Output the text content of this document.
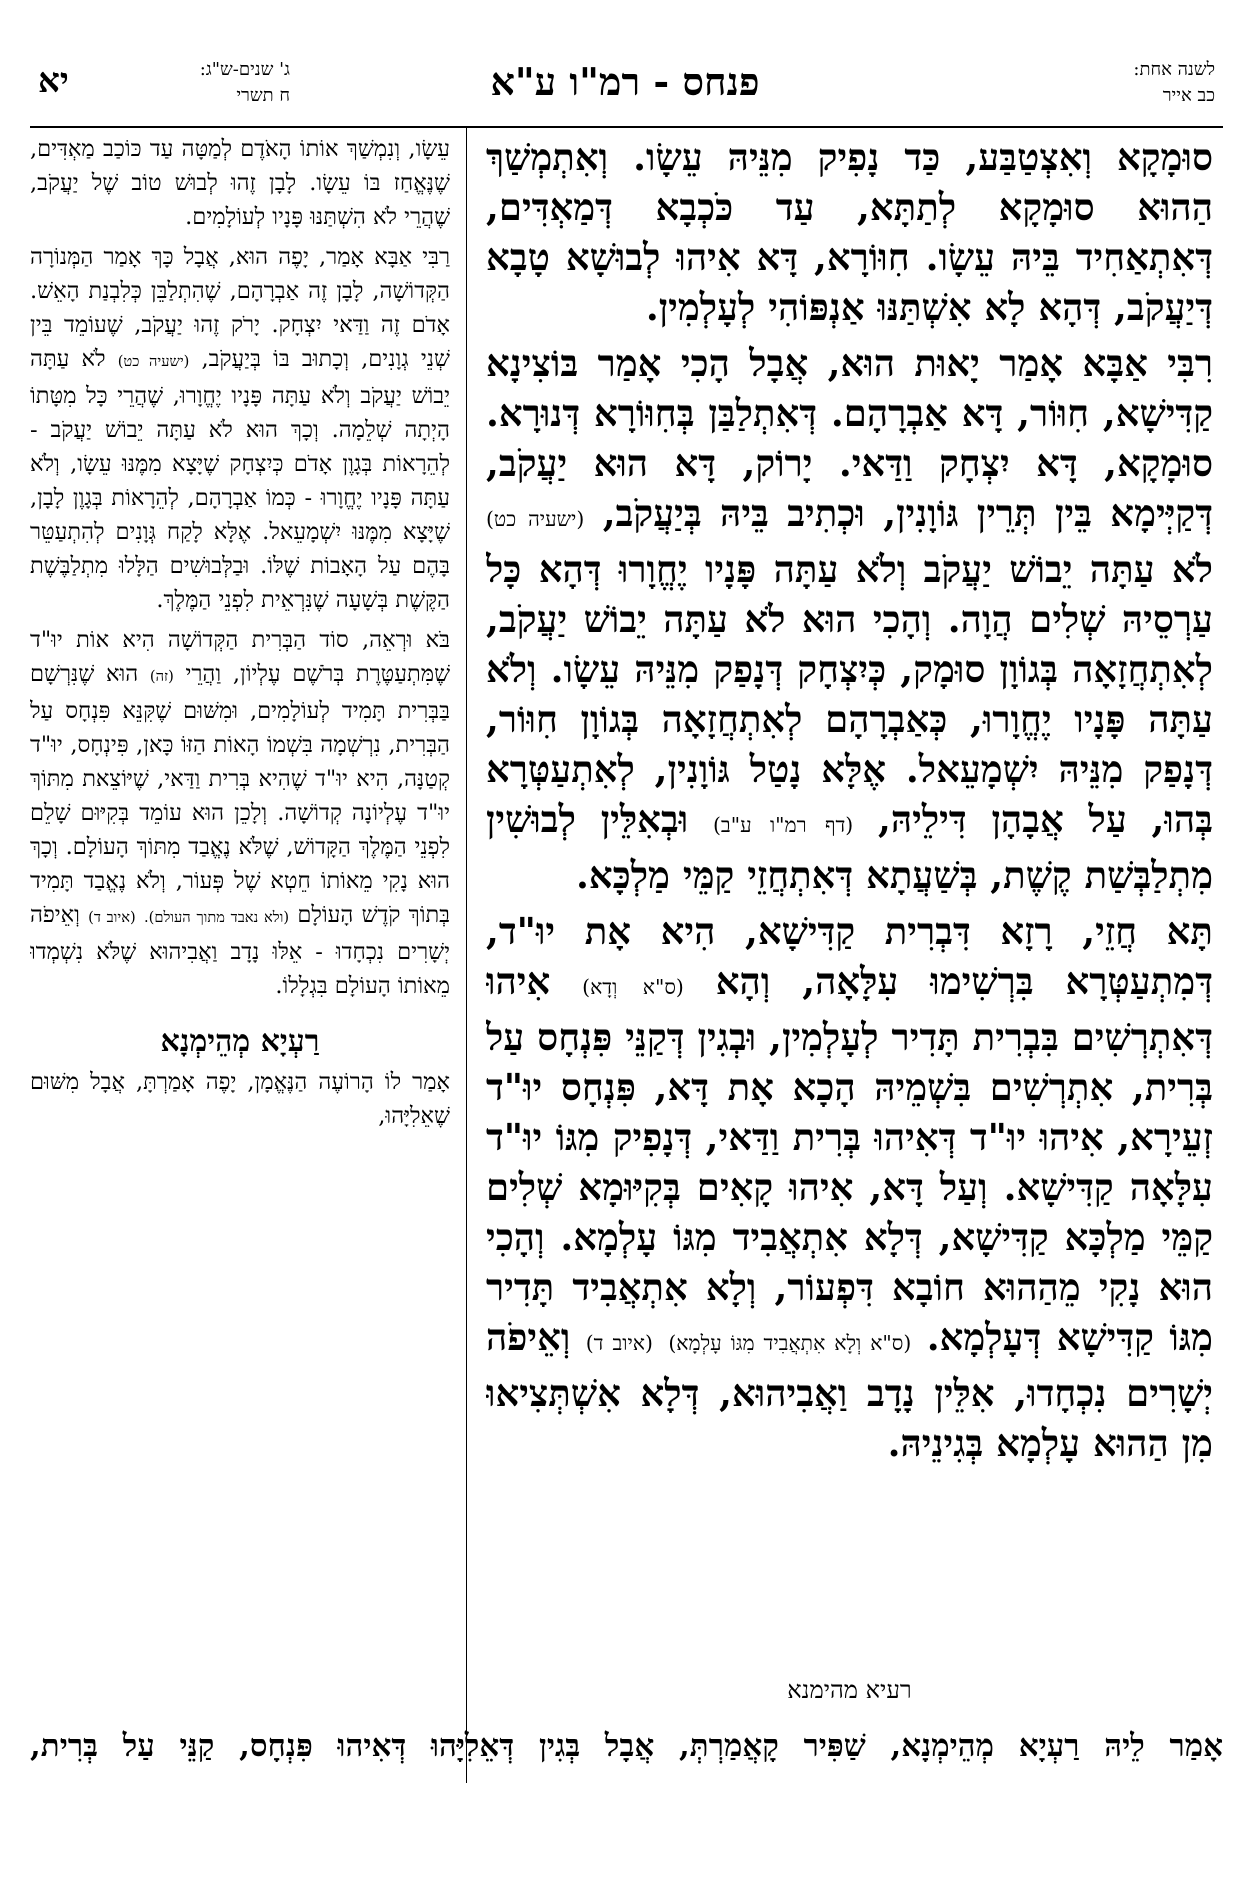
יא	ג' שנים-ש"ג:
ח תשרי	פנחס - רמ"ו ע"א	לשנה אחת:
כב אייר

סוּמָקָא וְאִצְטַבַּע, כַּד נָפִיק מִנֵּיהּ עֵשָׂו. וְאִתְמְשַׁךְ הַהוּא סוּמָקָא לְתַתָּא, עַד כֹּכְבָא דְּמַאְדִּים, דְּאִתְאַחִיד בֵּיהּ עֵשָׂו. חִוּוֹרָא, דָּא אִיהוּ לְבוּשָׁא טָבָא דְּיַעֲקֹב, דְּהָא לָא אִשְׁתַּנּוּ אַנְפּוֹהִי לְעָלְמִין.

רִבִּי אַבָּא אָמַר יָאוּת הוּא, אֲבָל הָכִי אָמַר בּוֹצִינָא קַדִּישָׁא, חִוּוֹר, דָּא אַבְרָהָם. דְּאִתְלַבַּן בְּחִוּוֹרָא דְּנוּרָא. סוּמָקָא, דָּא יִצְחָק וַדַּאי. יָרוֹק, דָּא הוּא יַעֲקֹב, דְּקַיְּימָא בֵּין תְּרֵין גּוֹוָנִין, וּכְתִיב בֵּיהּ בְּיַעֲקֹב, (ישעיה כט) לֹא עַתָּה יֵבוֹשׁ יַעֲקֹב וְלֹא עַתָּה פָּנָיו יֶחֱוָרוּ דְּהָא כָּל עַרְסֵיהּ שְׁלִים הֲוָה. וְהָכִי הוּא לֹא עַתָּה יֵבוֹשׁ יַעֲקֹב, לְאִתְחֲזָאָה בְּגוֹוָן סוּמָק, כְּיִצְחָק דְּנָפַק מִנֵּיהּ עֵשָׂו. וְלֹא עַתָּה פָּנָיו יֶחֱוָרוּ, כְּאַבְרָהָם לְאִתְחֲזָאָה בְּגוֹוָן חִוּוֹר, דְּנָפַק מִנֵּיהּ יִשְׁמָעֵאל. אֶלָּא נָטַל גּוֹוָנִין, לְאִתְעַטְּרָא בְּהוּ, עַל אֲבָהָן דִּילֵיהּ, (דף רמ"ו ע"ב) וּבְאִלֵּין לְבוּשִׁין מִתְלַבְּשַׁת קֶשֶׁת, בְּשַׁעֲתָא דְּאִתְחֲזֵי קַמֵּי מַלְכָּא.

תָּא חֲזֵי, רָזָא דִּבְרִית קַדִּישָׁא, הִיא אָת יוּ"ד, דְּמִתְעַטְּרָא בִּרְשִׁימוּ עִלָּאָה, וְהָא (ס"א וְדָא) אִיהוּ דְּאִתְרְשִׁים בִּבְרִית תָּדִיר לְעָלְמִין, וּבְגִין דְּקַנֵּי פִּנְחָס עַל בְּרִית, אִתְרְשִׁים בִּשְׁמֵיהּ הָכָא אָת דָּא, פִּנְחָס יוּ"ד זְעֵירָא, אִיהוּ יוּ"ד דְּאִיהוּ בְּרִית וַדַּאי, דְּנָפִיק מִגּוֹ יוּ"ד עִלָּאָה קַדִּישָׁא. וְעַל דָּא, אִיהוּ קָאִים בְּקִיּוּמָא שְׁלִים קַמֵּי מַלְכָּא קַדִּישָׁא, דְּלָא אִתְאֲבִיד מִגּוֹ עָלְמָא. וְהָכִי הוּא נָקִי מֵהַהוּא חוֹבָא דִּפְעוֹר, וְלָא אִתְאֲבִיד תָּדִיר מִגּוֹ קַדִּישָׁא דְּעָלְמָא. (ס"א וְלָא אִתְאֲבִיד מִגּוֹ עָלְמָא) (איוב ד) וְאֵיפֹה יְשָׁרִים נִכְחָדוּ, אִלֵּין נָדָב וַאֲבִיהוּא, דְּלָא אִשְׁתְּצִיאוּ מִן הַהוּא עָלְמָא בְּגִינֵיהּ.

רעיא מהימנא

עֵשָׂו, וְנִמְשַׁךְ אוֹתוֹ הָאֹדֶם לְמַטָּה עַד כּוֹכַב מַאְדִּים, שֶׁנֶּאֱחַז בּוֹ עֵשָׂו. לָבָן זֶהוּ לְבוּשׁ טוֹב שֶׁל יַעֲקֹב, שֶׁהֲרֵי לֹא הִשְׁתַּנּוּ פָּנָיו לְעוֹלָמִים.

רַבִּי אַבָּא אָמַר, יָפֶה הוּא, אֲבָל כָּךְ אָמַר הַמְּנוֹרָה הַקְּדוֹשָׁה, לָבָן זֶה אַבְרָהָם, שֶׁהִתְלַבֵּן כְּלִבְנַת הָאֵשׁ. אָדֹם זֶה וַדַּאי יִצְחָק. יָרֹק זֶהוּ יַעֲקֹב, שֶׁעוֹמֵד בֵּין שְׁנֵי גְוָנִים, וְכָתוּב בּוֹ בְּיַעֲקֹב, (ישעיה כט) לֹא עַתָּה יֵבוֹשׁ יַעֲקֹב וְלֹא עַתָּה פָּנָיו יֶחֱוָרוּ, שֶׁהֲרֵי כָּל מִטָּתוֹ הָיְתָה שְׁלֵמָה. וְכָךְ הוּא לֹא עַתָּה יֵבוֹשׁ יַעֲקֹב - לְהֵרָאוֹת בְּגָוֶן אָדֹם כְּיִצְחָק שֶׁיָּצָא מִמֶּנּוּ עֵשָׂו, וְלֹא עַתָּה פָּנָיו יֶחֱוָרוּ - כְּמוֹ אַבְרָהָם, לְהֵרָאוֹת בְּגָוֶן לָבָן, שֶׁיָּצָא מִמֶּנּוּ יִשְׁמָעֵאל. אֶלָּא לָקַח גְּוָנִים לְהִתְעַטֵּר בָּהֶם עַל הָאָבוֹת שֶׁלּוֹ. וּבַלְּבוּשִׁים הַלָּלוּ מִתְלַבֶּשֶׁת הַקֶּשֶׁת בְּשָׁעָה שֶׁנִּרְאֵית לִפְנֵי הַמֶּלֶךְ.

בֹּא וּרְאֵה, סוֹד הַבְּרִית הַקְּדוֹשָׁה הִיא אוֹת יוּ"ד שֶׁמִּתְעַטֶּרֶת בְּרֹשֶׁם עֶלְיוֹן, וַהֲרֵי (זה) הוּא שֶׁנִּרְשָׁם בַּבְּרִית תָּמִיד לְעוֹלָמִים, וּמִשּׁוּם שֶׁקִּנֵּא פִּנְחָס עַל הַבְּרִית, נִרְשְׁמָה בִּשְׁמוֹ הָאוֹת הַזּוֹ כָּאן, פִּינְחָס, יוּ"ד קְטַנָּה, הִיא יוּ"ד שֶׁהִיא בְּרִית וַדַּאי, שֶׁיּוֹצֵאת מִתּוֹךְ יוּ"ד עֶלְיוֹנָה קְדוֹשָׁה. וְלָכֵן הוּא עוֹמֵד בְּקִיּוּם שָׁלֵם לִפְנֵי הַמֶּלֶךְ הַקָּדוֹשׁ, שֶׁלֹּא נֶאֱבַד מִתּוֹךְ הָעוֹלָם. וְכָךְ הוּא נָקִי מֵאוֹתוֹ חֵטְא שֶׁל פְּעוֹר, וְלֹא נֶאֱבַד תָּמִיד בְּתוֹךְ קֹדֶשׁ הָעוֹלָם (ולא נאבד מתוך העולם). (איוב ד) וְאֵיפֹה יְשָׁרִים נִכְחָדוּ - אֵלּוּ נָדָב וַאֲבִיהוּא שֶׁלֹּא נִשְׁמְדוּ מֵאוֹתוֹ הָעוֹלָם בִּגְלָלוֹ.

רַעְיָא מְהֵימְנָא

אָמַר לוֹ הָרוֹעֶה הַנֶּאֱמָן, יָפֶה אָמַרְתָּ, אֲבָל מִשּׁוּם שֶׁאֵלִיָּהוּ,

אָמַר לֵיהּ רַעְיָא מְהֵימְנָא, שַׁפִּיר קָאֲמַרְתְּ, אֲבָל בְּגִין דְּאֵלִיָּהוּ דְּאִיהוּ פִּנְחָס, קַנֵּי עַל בְּרִית,
